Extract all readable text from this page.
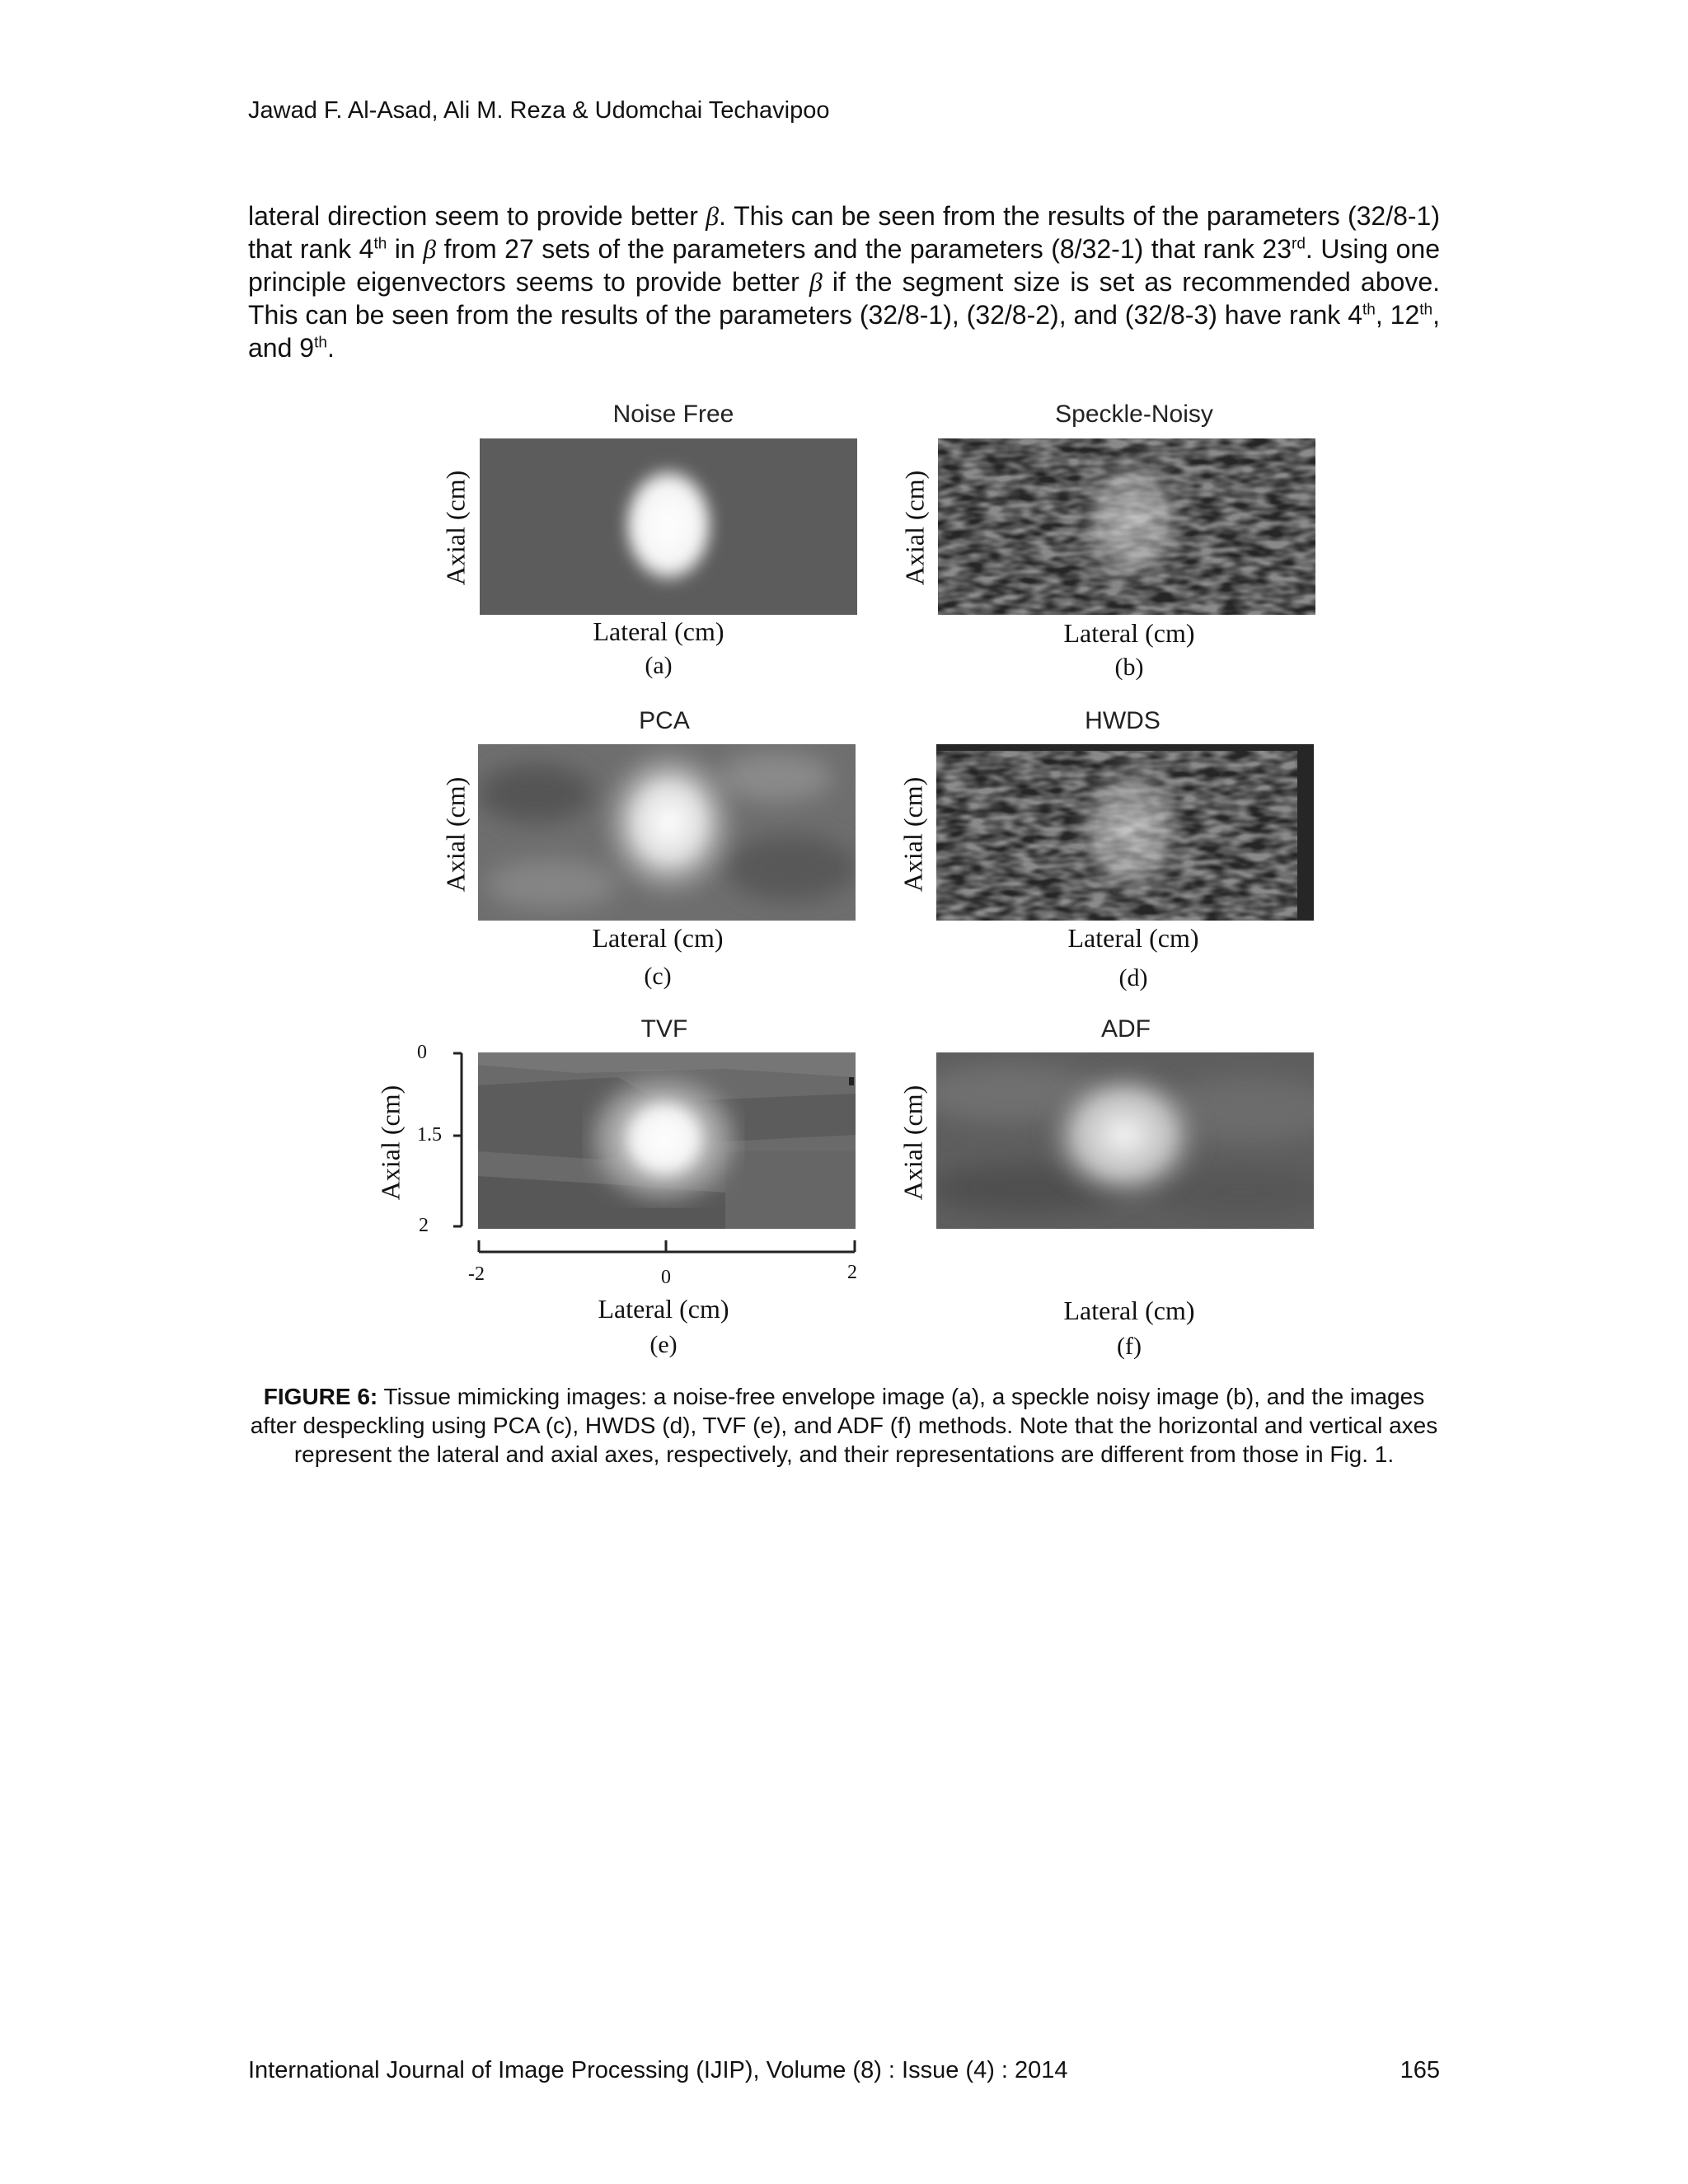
Jawad F. Al-Asad, Ali M. Reza & Udomchai Techavipoo

lateral direction seem to provide better β. This can be seen from the results of the parameters (32/8-1) that rank 4th in β from 27 sets of the parameters and the parameters (8/32-1) that rank 23rd. Using one principle eigenvectors seems to provide better β if the segment size is set as recommended above. This can be seen from the results of the parameters (32/8-1), (32/8-2), and (32/8-3) have rank 4th, 12th, and 9th.

Noise Free
Axial (cm)
Lateral (cm)
(a)
Speckle-Noisy
Axial (cm)
Lateral (cm)
(b)
PCA
Axial (cm)
Lateral (cm)
(c)
HWDS
Axial (cm)
Lateral (cm)
(d)
TVF
Axial (cm)
0
1.5
2
-2	0	2
Lateral (cm)
(e)
ADF
Axial (cm)
Lateral (cm)
(f)

FIGURE 6: Tissue mimicking images: a noise-free envelope image (a), a speckle noisy image (b), and the images after despeckling using PCA (c), HWDS (d), TVF (e), and ADF (f) methods. Note that the horizontal and vertical axes represent the lateral and axial axes, respectively, and their representations are different from those in Fig. 1.

International Journal of Image Processing (IJIP), Volume (8) : Issue (4) : 2014	165
